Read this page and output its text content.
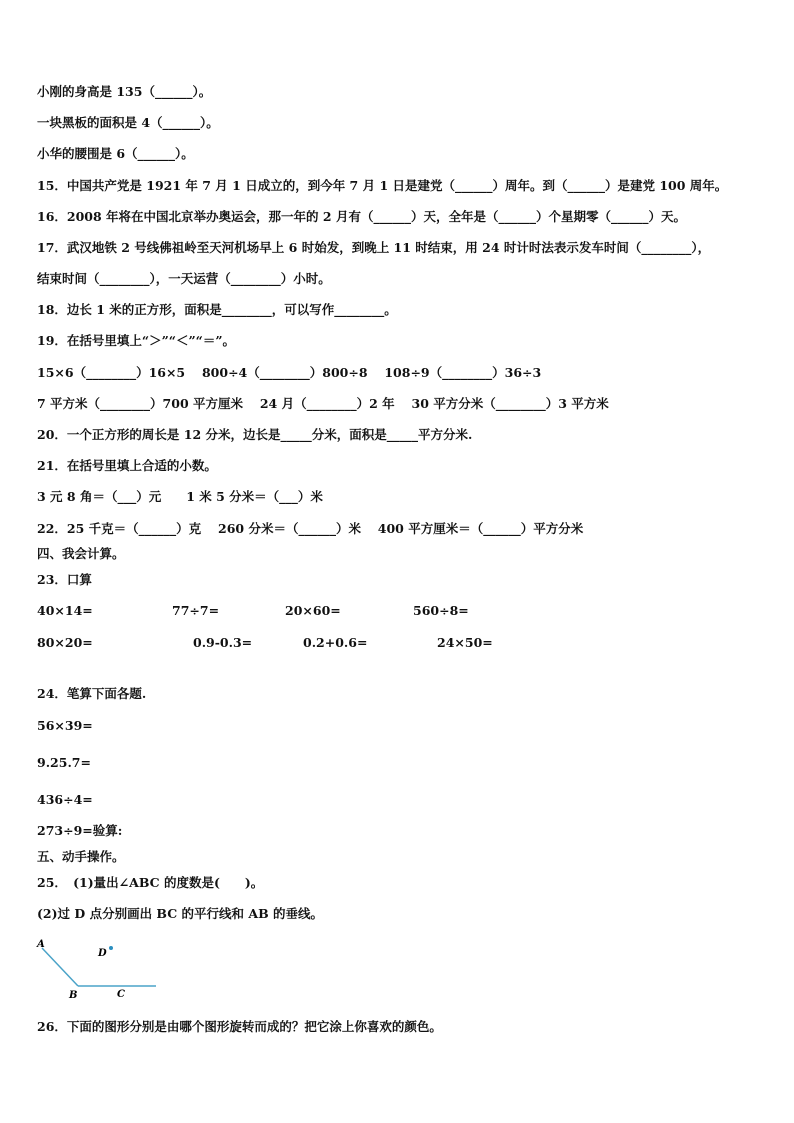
小刚的身高是 135（______）。
一块黑板的面积是 4（______）。
小华的腰围是 6（______）。
15．中国共产党是 1921 年 7 月 1 日成立的，到今年 7 月 1 日是建党（______）周年。到（______）是建党 100 周年。
16．2008 年将在中国北京举办奥运会，那一年的 2 月有（______）天，全年是（______）个星期零（______）天。
17．武汉地铁 2 号线佛祖岭至天河机场早上 6 时始发，到晚上 11 时结束，用 24 时计时法表示发车时间（________），
结束时间（________），一天运营（________）小时。
18．边长 1 米的正方形，面积是________，可以写作________。
19．在括号里填上“＞”“＜”“＝”。
15×6（________）16×5　 800÷4（________）800÷8　 108÷9（________）36÷3
7 平方米（________）700 平方厘米　 24 月（________）2 年　 30 平方分米（________）3 平方米
20．一个正方形的周长是 12 分米，边长是_____分米，面积是_____平方分米.
21．在括号里填上合适的小数。
3 元 8 角＝（___）元　　1 米 5 分米＝（___）米
22．25 千克＝（______）克　 260 分米＝（______）米　 400 平方厘米＝（______）平方分米
四、我会计算。
23．口算
40×14=	77÷7=	20×60=	560÷8=
80×20=	0.9-0.3=	0.2+0.6=	24×50=
24．笔算下面各题.
56×39=
9.25.7=
436÷4=
273÷9=验算:
五、动手操作。
25．　(1)量出∠ABC 的度数是(　　)。
(2)过 D 点分别画出 BC 的平行线和 AB 的垂线。
A
B	C
D
26．下面的图形分别是由哪个图形旋转而成的？把它涂上你喜欢的颜色。
